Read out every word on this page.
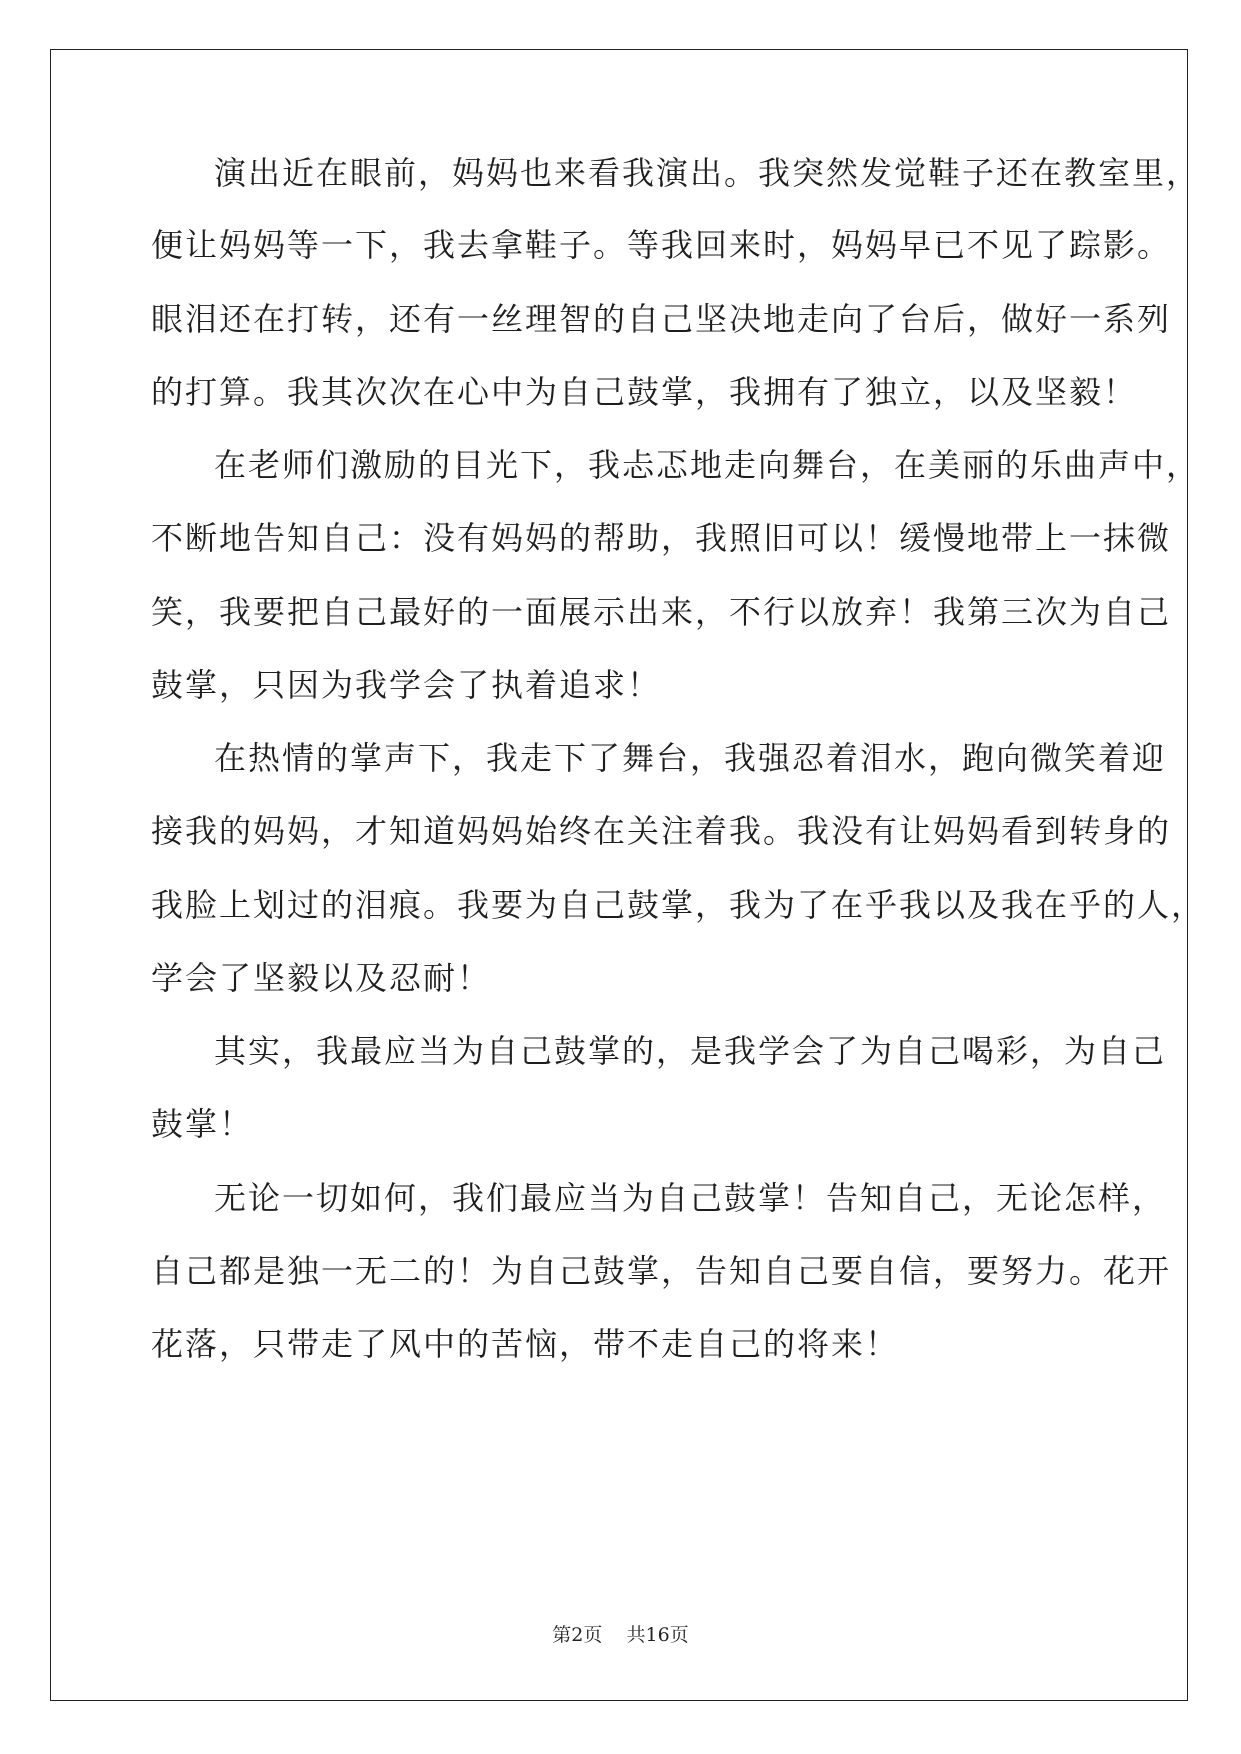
演出近在眼前，妈妈也来看我演出。我突然发觉鞋子还在教室里，

便让妈妈等一下，我去拿鞋子。等我回来时，妈妈早已不见了踪影。

眼泪还在打转，还有一丝理智的自己坚决地走向了台后，做好一系列

的打算。我其次次在心中为自己鼓掌，我拥有了独立，以及坚毅！

在老师们激励的目光下，我忐忑地走向舞台，在美丽的乐曲声中，

不断地告知自己：没有妈妈的帮助，我照旧可以！缓慢地带上一抹微

笑，我要把自己最好的一面展示出来，不行以放弃！我第三次为自己

鼓掌，只因为我学会了执着追求！

在热情的掌声下，我走下了舞台，我强忍着泪水，跑向微笑着迎

接我的妈妈，才知道妈妈始终在关注着我。我没有让妈妈看到转身的

我脸上划过的泪痕。我要为自己鼓掌，我为了在乎我以及我在乎的人，

学会了坚毅以及忍耐！

其实，我最应当为自己鼓掌的，是我学会了为自己喝彩，为自己

鼓掌！

无论一切如何，我们最应当为自己鼓掌！告知自己，无论怎样，

自己都是独一无二的！为自己鼓掌，告知自己要自信，要努力。花开

花落，只带走了风中的苦恼，带不走自己的将来！

第2页 共16页
